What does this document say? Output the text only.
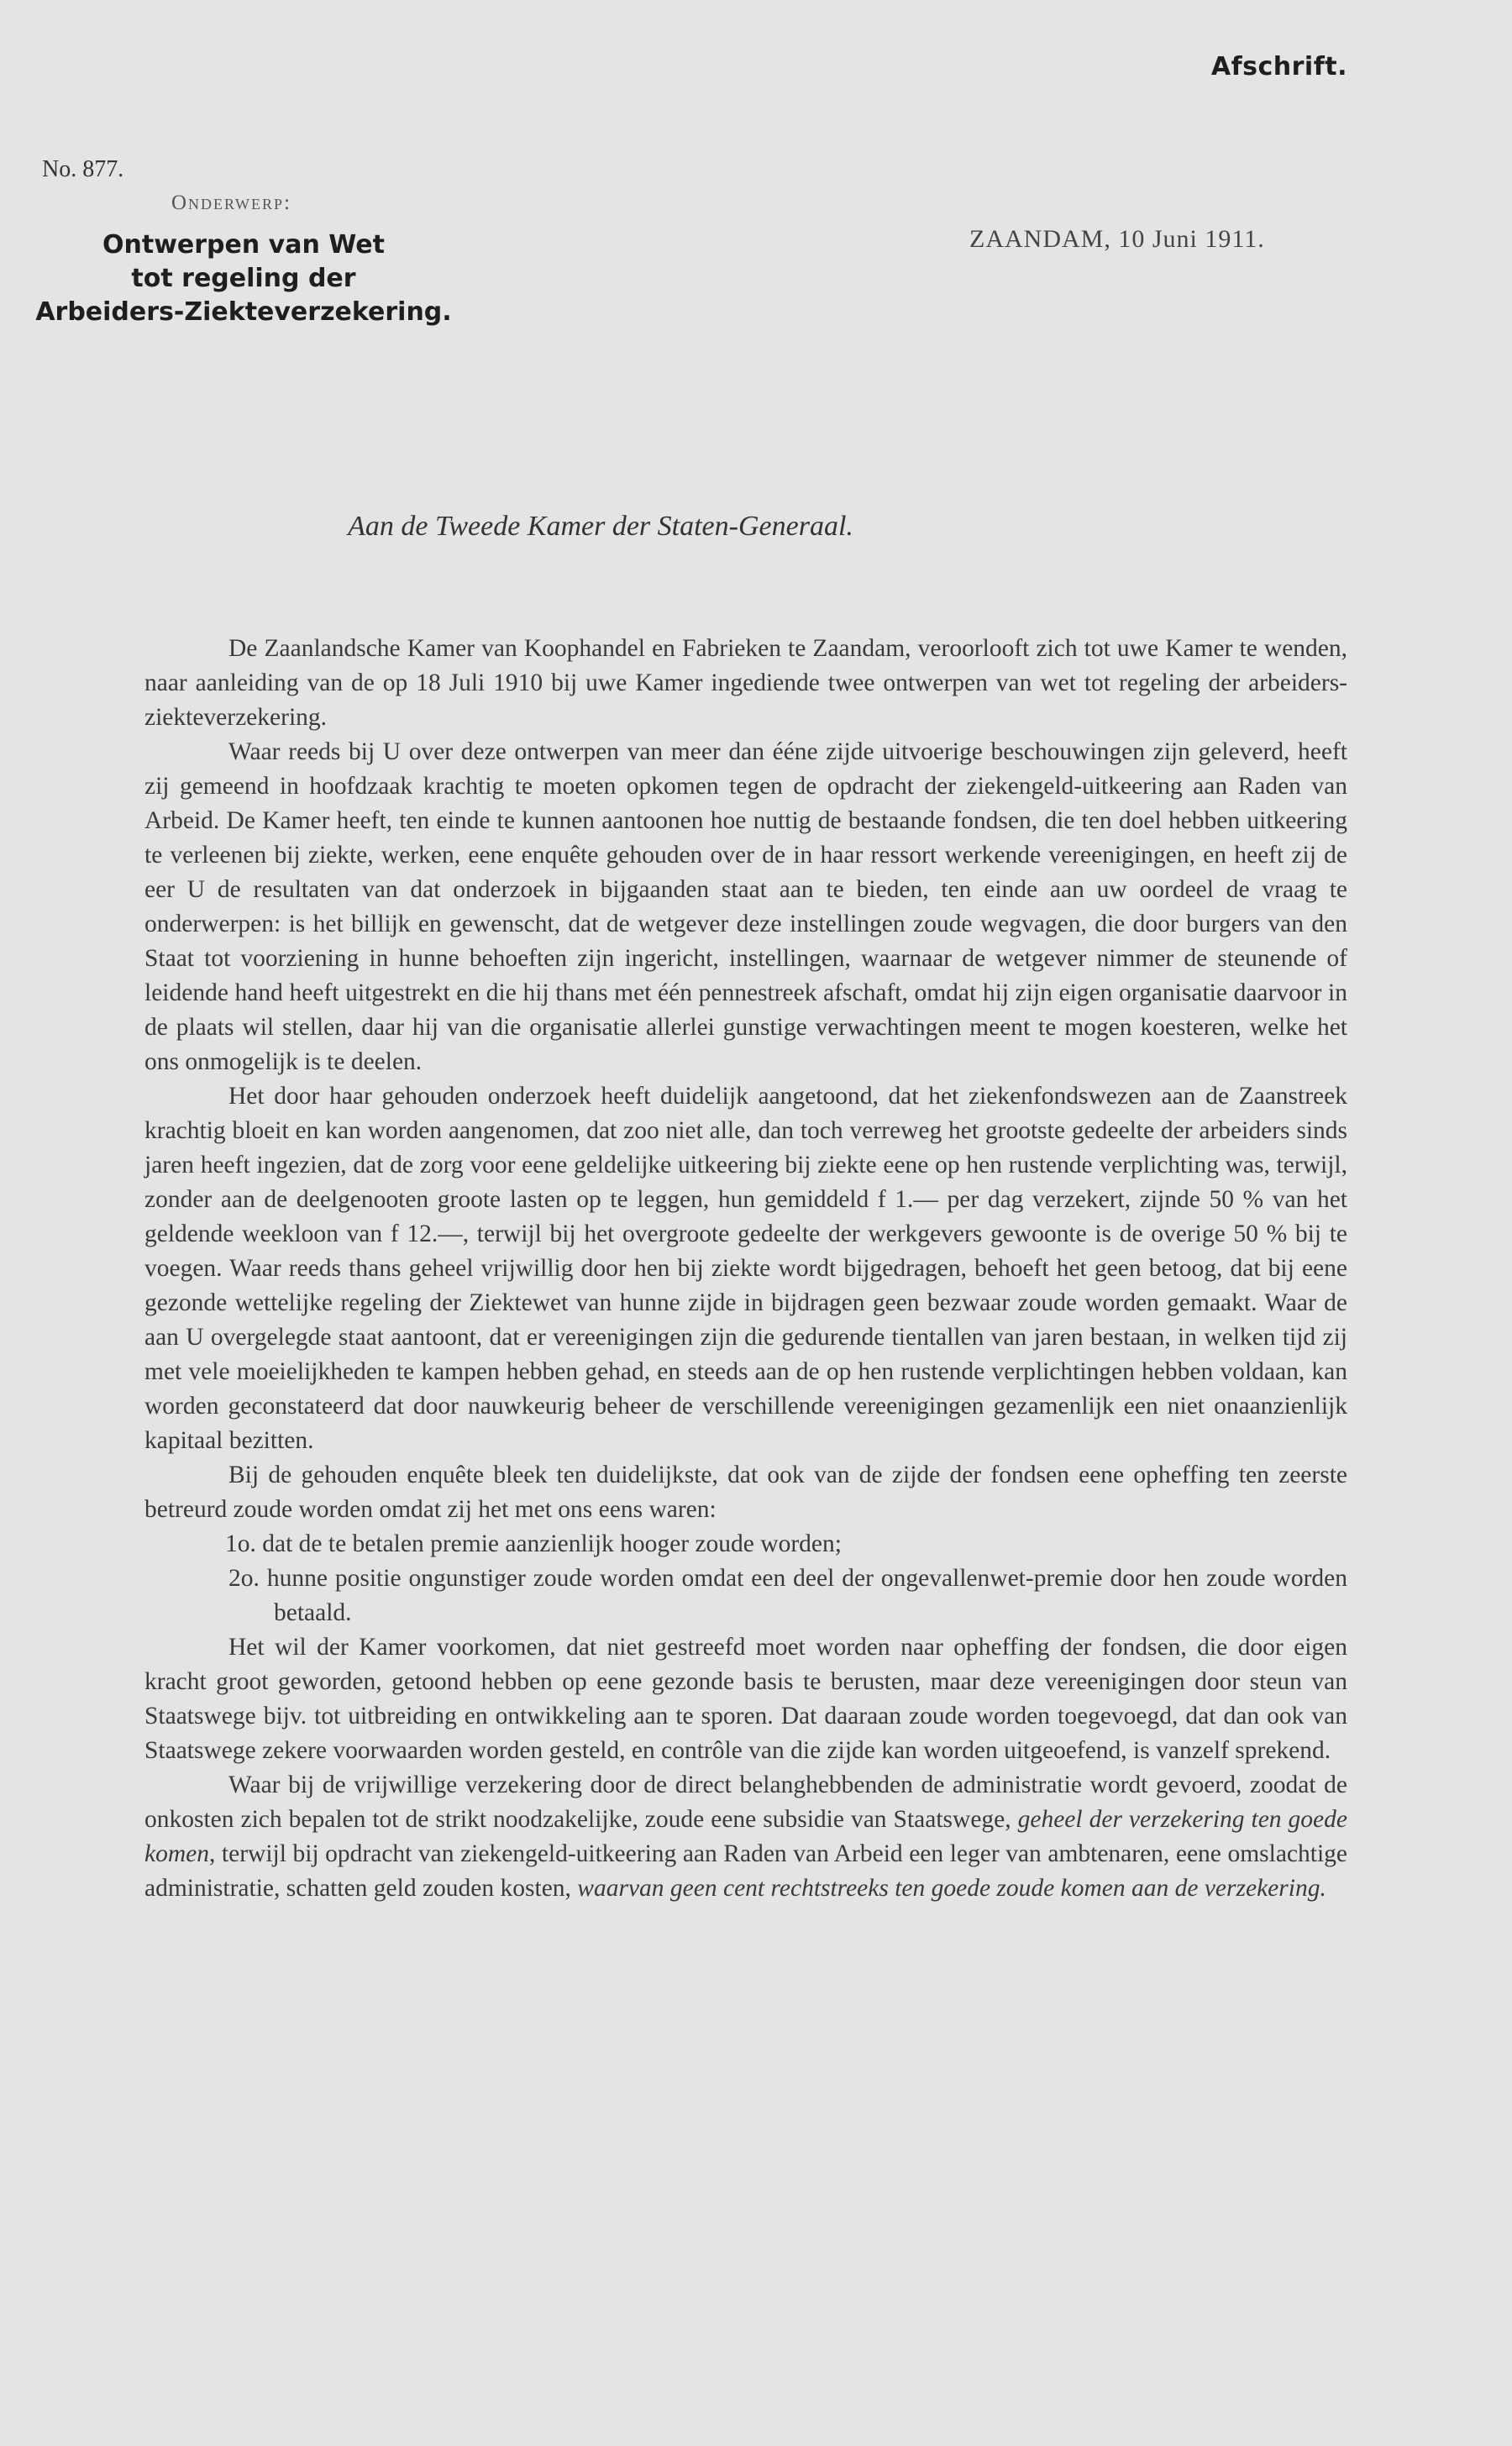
Afschrift.
No. 877.
Onderwerp:
Ontwerpen van Wet
tot regeling der
Arbeiders-Ziekteverzekering.
ZAANDAM, 10 Juni 1911.
Aan de Tweede Kamer der Staten-Generaal.

De Zaanlandsche Kamer van Koophandel en Fabrieken te Zaandam, veroorlooft zich tot uwe Kamer te wenden, naar aanleiding van de op 18 Juli 1910 bij uwe Kamer ingediende twee ontwerpen van wet tot regeling der arbeiders-ziekteverzekering.

Waar reeds bij U over deze ontwerpen van meer dan ééne zijde uitvoerige beschouwingen zijn geleverd, heeft zij gemeend in hoofdzaak krachtig te moeten opkomen tegen de opdracht der ziekengeld-uitkeering aan Raden van Arbeid. De Kamer heeft, ten einde te kunnen aantoonen hoe nuttig de bestaande fondsen, die ten doel hebben uitkeering te verleenen bij ziekte, werken, eene enquête gehouden over de in haar ressort werkende vereenigingen, en heeft zij de eer U de resultaten van dat onderzoek in bijgaanden staat aan te bieden, ten einde aan uw oordeel de vraag te onderwerpen: is het billijk en gewenscht, dat de wetgever deze instellingen zoude wegvagen, die door burgers van den Staat tot voorziening in hunne behoeften zijn ingericht, instellingen, waarnaar de wetgever nimmer de steunende of leidende hand heeft uitgestrekt en die hij thans met één pennestreek afschaft, omdat hij zijn eigen organisatie daarvoor in de plaats wil stellen, daar hij van die organisatie allerlei gunstige verwachtingen meent te mogen koesteren, welke het ons onmogelijk is te deelen.

Het door haar gehouden onderzoek heeft duidelijk aangetoond, dat het ziekenfondswezen aan de Zaanstreek krachtig bloeit en kan worden aangenomen, dat zoo niet alle, dan toch verreweg het grootste gedeelte der arbeiders sinds jaren heeft ingezien, dat de zorg voor eene geldelijke uitkeering bij ziekte eene op hen rustende verplichting was, terwijl, zonder aan de deelgenooten groote lasten op te leggen, hun gemiddeld f 1.— per dag verzekert, zijnde 50 % van het geldende weekloon van f 12.—, terwijl bij het overgroote gedeelte der werkgevers gewoonte is de overige 50 % bij te voegen. Waar reeds thans geheel vrijwillig door hen bij ziekte wordt bijgedragen, behoeft het geen betoog, dat bij eene gezonde wettelijke regeling der Ziektewet van hunne zijde in bijdragen geen bezwaar zoude worden gemaakt. Waar de aan U overgelegde staat aantoont, dat er vereenigingen zijn die gedurende tientallen van jaren bestaan, in welken tijd zij met vele moeielijkheden te kampen hebben gehad, en steeds aan de op hen rustende verplichtingen hebben voldaan, kan worden geconstateerd dat door nauwkeurig beheer de verschillende vereenigingen gezamenlijk een niet onaanzienlijk kapitaal bezitten.

Bij de gehouden enquête bleek ten duidelijkste, dat ook van de zijde der fondsen eene opheffing ten zeerste betreurd zoude worden omdat zij het met ons eens waren:

1o. dat de te betalen premie aanzienlijk hooger zoude worden;
2o. hunne positie ongunstiger zoude worden omdat een deel der ongevallenwet-premie door hen zoude worden betaald.

Het wil der Kamer voorkomen, dat niet gestreefd moet worden naar opheffing der fondsen, die door eigen kracht groot geworden, getoond hebben op eene gezonde basis te berusten, maar deze vereenigingen door steun van Staatswege bijv. tot uitbreiding en ontwikkeling aan te sporen. Dat daaraan zoude worden toegevoegd, dat dan ook van Staatswege zekere voorwaarden worden gesteld, en contrôle van die zijde kan worden uitgeoefend, is vanzelf sprekend.

Waar bij de vrijwillige verzekering door de direct belanghebbenden de administratie wordt gevoerd, zoodat de onkosten zich bepalen tot de strikt noodzakelijke, zoude eene subsidie van Staatswege, geheel der verzekering ten goede komen, terwijl bij opdracht van ziekengeld-uitkeering aan Raden van Arbeid een leger van ambtenaren, eene omslachtige administratie, schatten geld zouden kosten, waarvan geen cent rechtstreeks ten goede zoude komen aan de verzekering.
